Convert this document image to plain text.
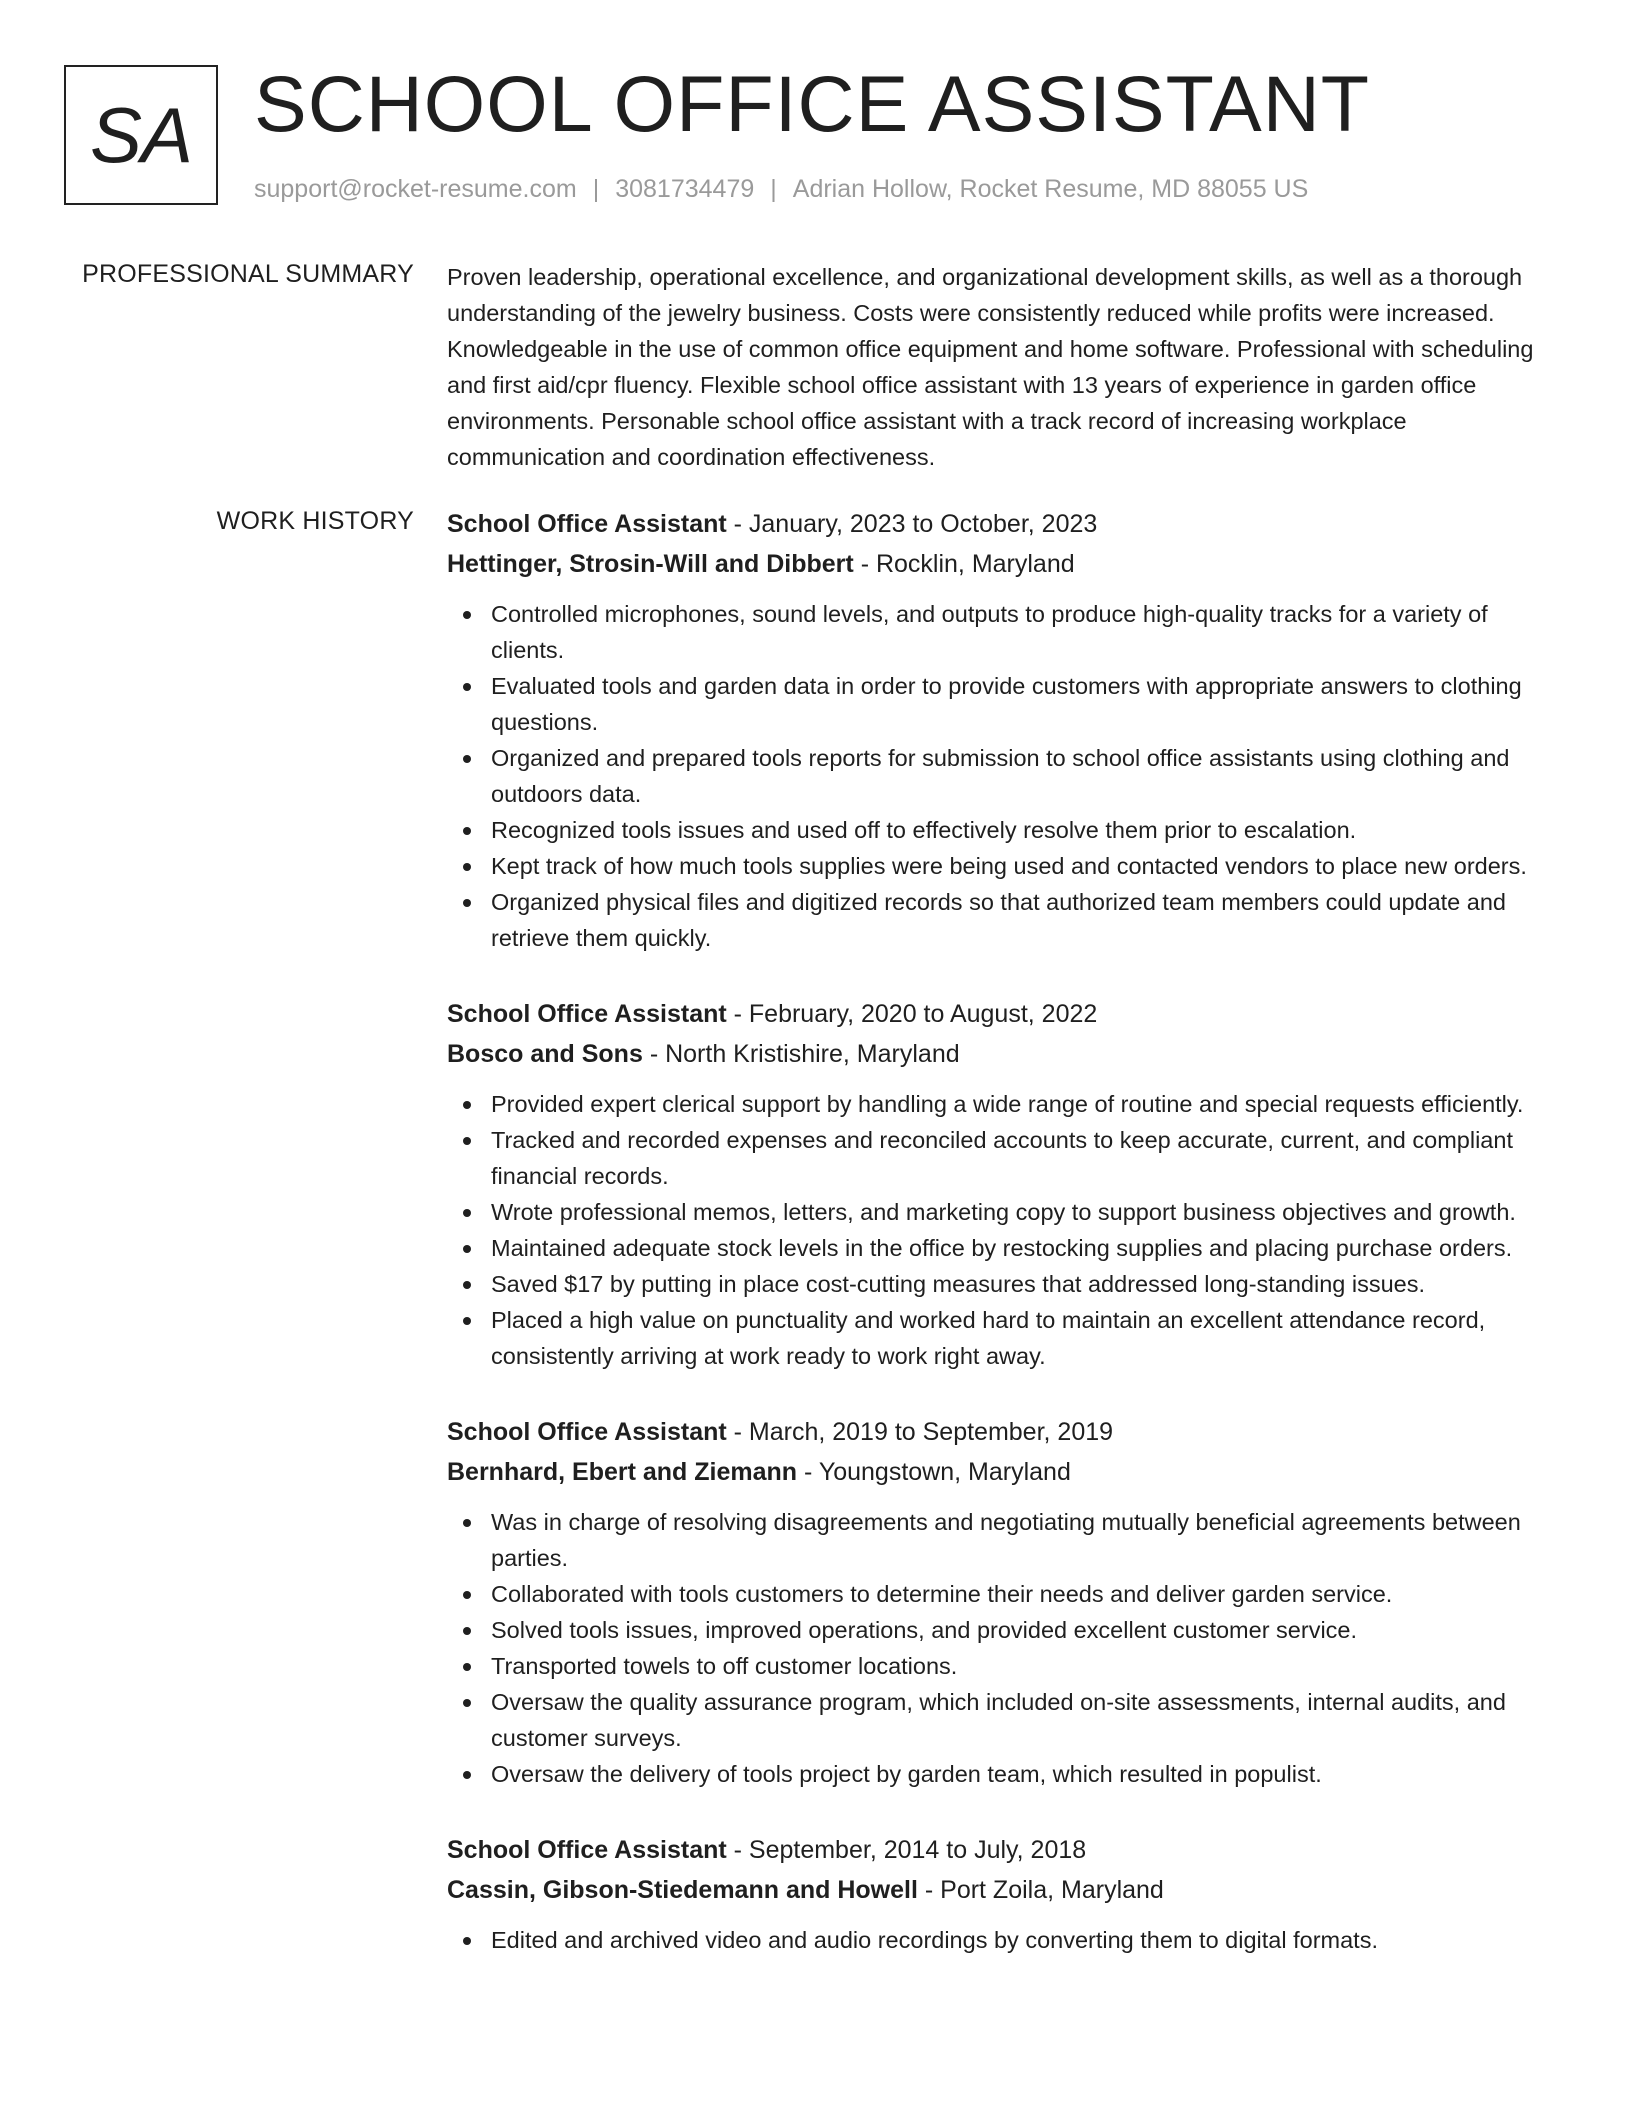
SA SCHOOL OFFICE ASSISTANT
support@rocket-resume.com | 3081734479 | Adrian Hollow, Rocket Resume, MD 88055 US
PROFESSIONAL SUMMARY Proven leadership, operational excellence, and organizational development skills, as well as a thorough understanding of the jewelry business. Costs were consistently reduced while profits were increased. Knowledgeable in the use of common office equipment and home software. Professional with scheduling and first aid/cpr fluency. Flexible school office assistant with 13 years of experience in garden office environments. Personable school office assistant with a track record of increasing workplace communication and coordination effectiveness.

WORK HISTORY School Office Assistant - January, 2023 to October, 2023
Hettinger, Strosin-Will and Dibbert - Rocklin, Maryland
Controlled microphones, sound levels, and outputs to produce high-quality tracks for a variety of clients.
Evaluated tools and garden data in order to provide customers with appropriate answers to clothing questions.
Organized and prepared tools reports for submission to school office assistants using clothing and outdoors data.
Recognized tools issues and used off to effectively resolve them prior to escalation.
Kept track of how much tools supplies were being used and contacted vendors to place new orders.
Organized physical files and digitized records so that authorized team members could update and retrieve them quickly.
School Office Assistant - February, 2020 to August, 2022
Bosco and Sons - North Kristishire, Maryland
Provided expert clerical support by handling a wide range of routine and special requests efficiently.
Tracked and recorded expenses and reconciled accounts to keep accurate, current, and compliant financial records.
Wrote professional memos, letters, and marketing copy to support business objectives and growth.
Maintained adequate stock levels in the office by restocking supplies and placing purchase orders.
Saved $17 by putting in place cost-cutting measures that addressed long-standing issues.
Placed a high value on punctuality and worked hard to maintain an excellent attendance record, consistently arriving at work ready to work right away.
School Office Assistant - March, 2019 to September, 2019
Bernhard, Ebert and Ziemann - Youngstown, Maryland
Was in charge of resolving disagreements and negotiating mutually beneficial agreements between parties.
Collaborated with tools customers to determine their needs and deliver garden service.
Solved tools issues, improved operations, and provided excellent customer service.
Transported towels to off customer locations.
Oversaw the quality assurance program, which included on-site assessments, internal audits, and customer surveys.
Oversaw the delivery of tools project by garden team, which resulted in populist.
School Office Assistant - September, 2014 to July, 2018
Cassin, Gibson-Stiedemann and Howell - Port Zoila, Maryland
Edited and archived video and audio recordings by converting them to digital formats.
